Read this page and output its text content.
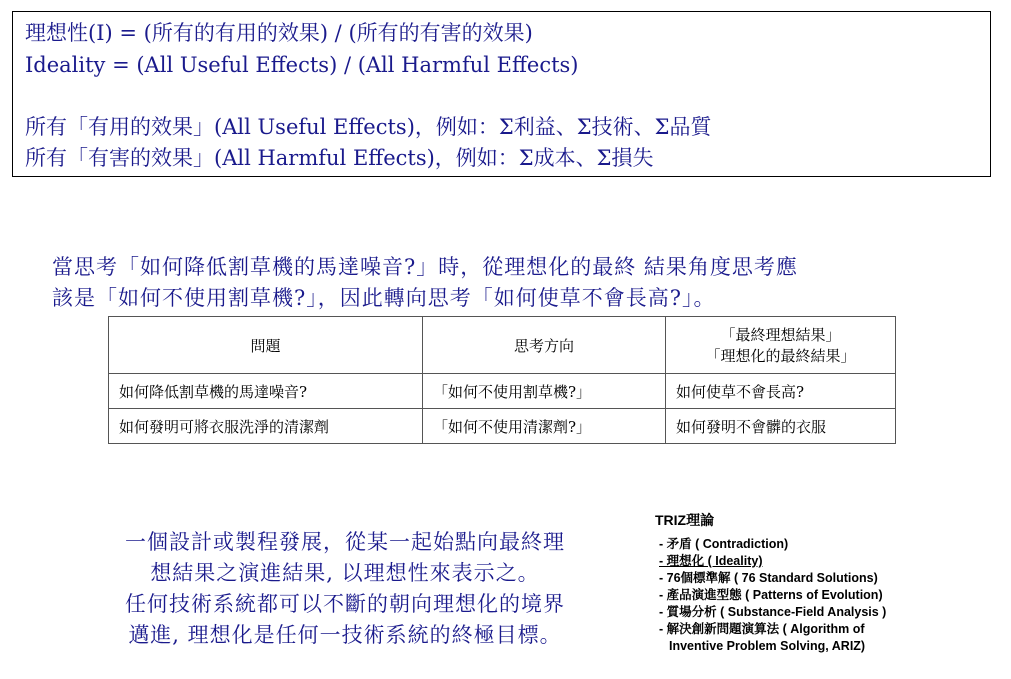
理想性(I) = (所有的有用的效果) / (所有的有害的效果)
Ideality = (All Useful Effects) / (All Harmful Effects)
所有「有用的效果」(All Useful Effects)，例如：Σ利益、Σ技術、Σ品質
所有「有害的效果」(All Harmful Effects)，例如：Σ成本、Σ損失
當思考「如何降低割草機的馬達噪音?」時，從理想化的最終 結果角度思考應
該是「如何不使用割草機?」，因此轉向思考「如何使草不會長高?」。
問題	思考方向	「最終理想結果」
「理想化的最終結果」

如何降低割草機的馬達噪音?	「如何不使用割草機?」	如何使草不會長高?
如何發明可將衣服洗淨的清潔劑	「如何不使用清潔劑?」	如何發明不會髒的衣服
一個設計或製程發展，從某一起始點向最終理
想結果之演進結果, 以理想性來表示之。
任何技術系統都可以不斷的朝向理想化的境界
邁進, 理想化是任何一技術系統的終極目標。
TRIZ理論
- 矛盾 ( Contradiction)
- 理想化 ( Ideality)
- 76個標準解 ( 76 Standard Solutions)
- 產品演進型態 ( Patterns of Evolution)
- 質場分析 ( Substance-Field Analysis )
- 解決創新問題演算法 ( Algorithm of
Inventive Problem Solving, ARIZ)
